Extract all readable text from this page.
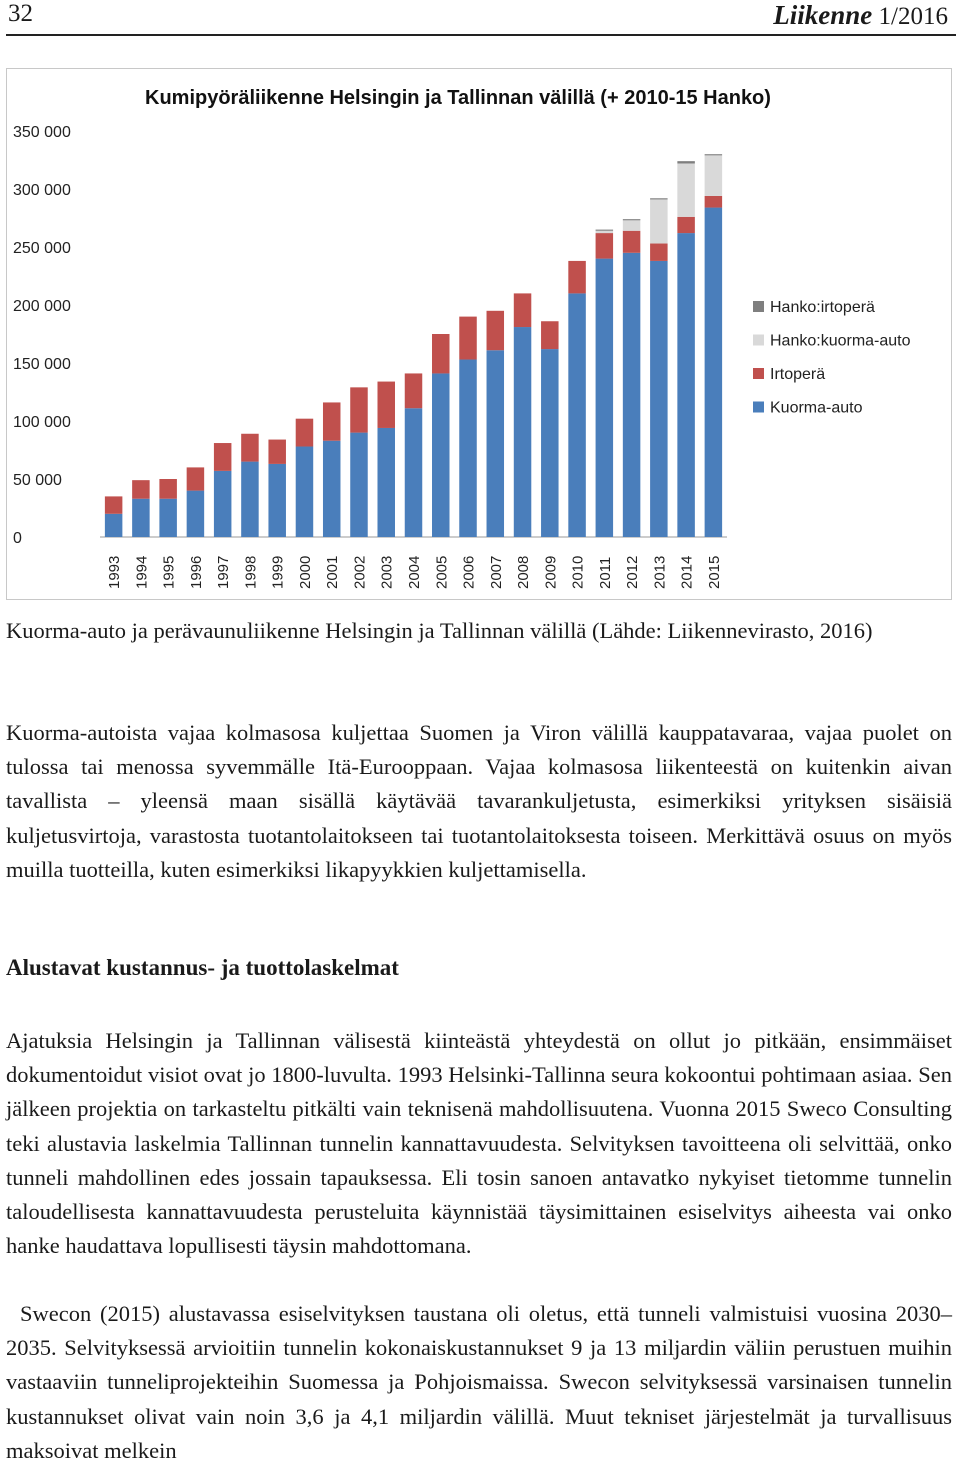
32	Liikenne 1/2016
Kumipyöräliikenne Helsingin ja Tallinnan välillä (+ 2010-15 Hanko)
0
50 000
100 000
150 000
200 000
250 000
300 000
350 000
1993 1994 1995 1996 1997 1998 1999 2000 2001 2002 2003 2004 2005 2006 2007 2008 2009 2010 2011 2012 2013 2014 2015
Hanko:irtoperä
Hanko:kuorma-auto
Irtoperä
Kuorma-auto
Kuorma-auto ja perävaunuliikenne Helsingin ja Tallinnan välillä (Lähde: Liikennevirasto, 2016)
Kuorma-autoista vajaa kolmasosa kuljettaa Suomen ja Viron välillä kauppatavaraa, vajaa puolet on tulossa tai menossa syvemmälle Itä-Eurooppaan. Vajaa kolmasosa liikenteestä on kuitenkin aivan tavallista – yleensä maan sisällä käytävää tavarankuljetusta, esimerkiksi yrityksen sisäisiä kuljetusvirtoja, varastosta tuotantolaitokseen tai tuotantolaitoksesta toiseen. Merkittävä osuus on myös muilla tuotteilla, kuten esimerkiksi likapyykkien kuljettamisella.
Alustavat kustannus- ja tuottolaskelmat
Ajatuksia Helsingin ja Tallinnan välisestä kiinteästä yhteydestä on ollut jo pitkään, ensimmäiset dokumentoidut visiot ovat jo 1800-luvulta. 1993 Helsinki-Tallinna seura kokoontui pohtimaan asiaa. Sen jälkeen projektia on tarkasteltu pitkälti vain teknisenä mahdollisuutena. Vuonna 2015 Sweco Consulting teki alustavia laskelmia Tallinnan tunnelin kannattavuudesta. Selvityksen tavoitteena oli selvittää, onko tunneli mahdollinen edes jossain tapauksessa. Eli tosin sanoen antavatko nykyiset tietomme tunnelin taloudellisesta kannattavuudesta perusteluita käynnistää täysimittainen esiselvitys aiheesta vai onko hanke haudattava lopullisesti täysin mahdottomana.
Swecon (2015) alustavassa esiselvityksen taustana oli oletus, että tunneli valmistuisi vuosina 2030–2035. Selvityksessä arvioitiin tunnelin kokonaiskustannukset 9 ja 13 miljardin väliin perustuen muihin vastaaviin tunneliprojekteihin Suomessa ja Pohjoismaissa. Swecon selvityksessä varsinaisen tunnelin kustannukset olivat vain noin 3,6 ja 4,1 miljardin välillä. Muut tekniset järjestelmät ja turvallisuus maksoivat melkein
